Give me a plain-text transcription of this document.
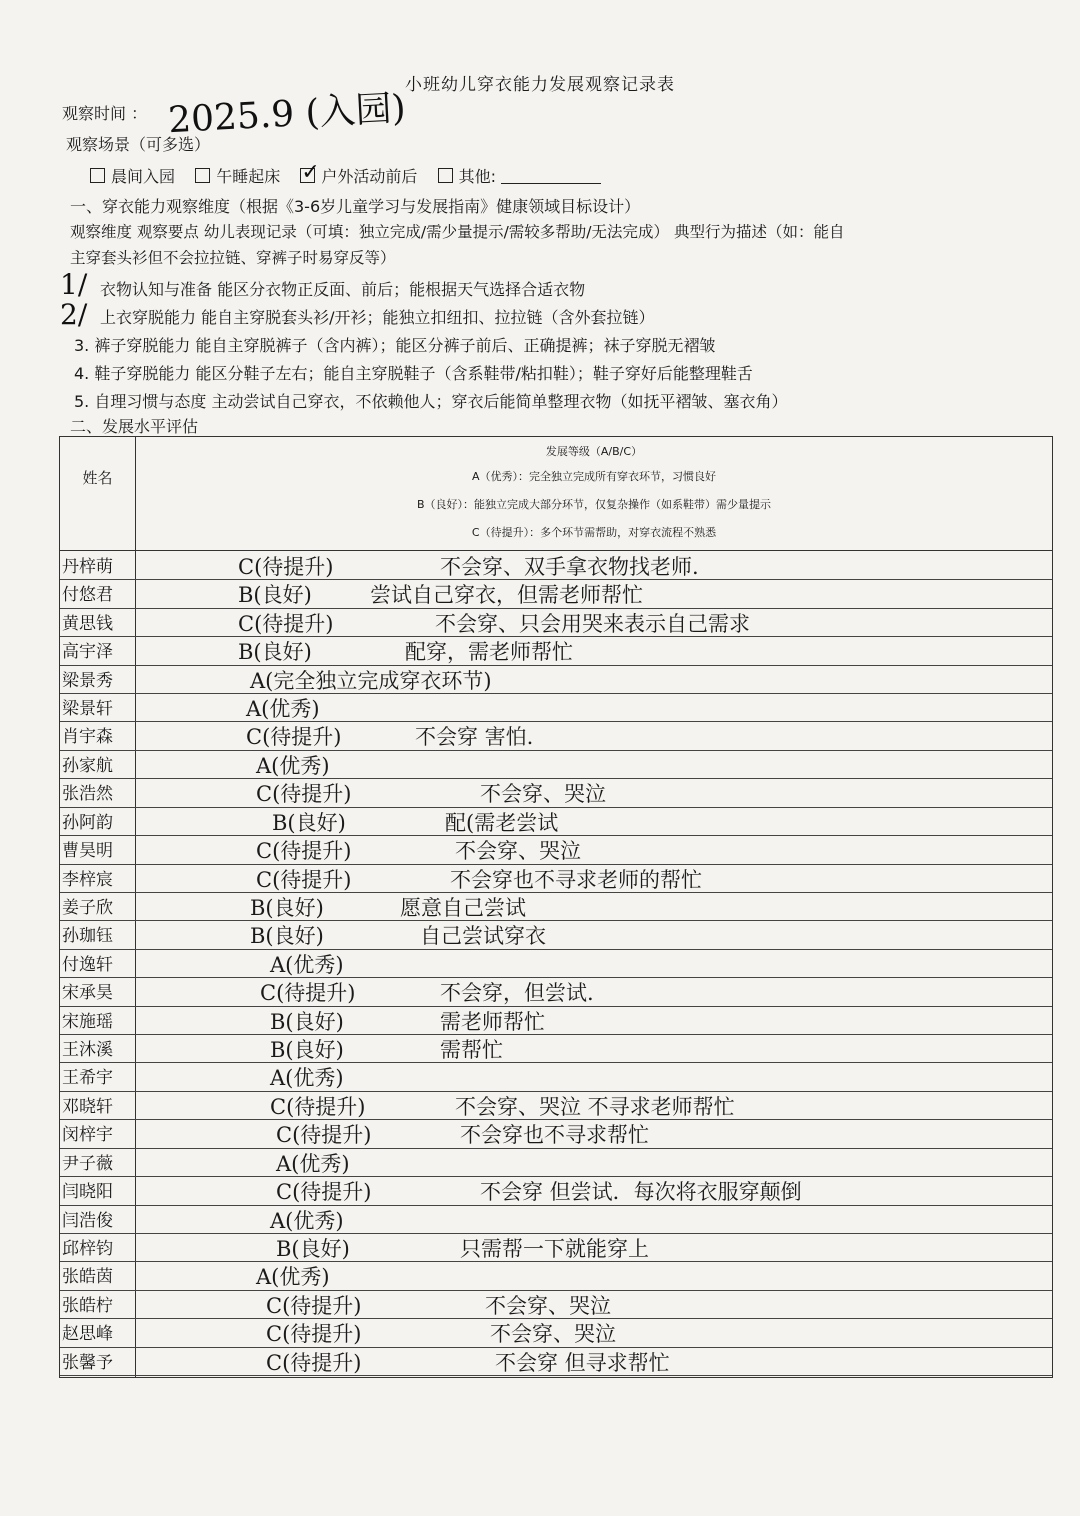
小班幼儿穿衣能力发展观察记录表
观察时间 ： 2025.9 (入园)
观察场景（可多选）
晨间入园	午睡起床  ✓	户外活动前后	其他:
一、穿衣能力观察维度（根据《3-6岁儿童学习与发展指南》健康领域目标设计）
观察维度 观察要点 幼儿表现记录（可填：独立完成/需少量提示/需较多帮助/无法完成） 典型行为描述（如：能自
主穿套头衫但不会拉拉链、穿裤子时易穿反等）
1/
2/
衣物认知与准备 能区分衣物正反面、前后；能根据天气选择合适衣物
上衣穿脱能力 能自主穿脱套头衫/开衫；能独立扣纽扣、拉拉链（含外套拉链）
3. 裤子穿脱能力 能自主穿脱裤子（含内裤）；能区分裤子前后、正确提裤；袜子穿脱无褶皱
4. 鞋子穿脱能力 能区分鞋子左右；能自主穿脱鞋子（含系鞋带/粘扣鞋）；鞋子穿好后能整理鞋舌
5. 自理习惯与态度 主动尝试自己穿衣，不依赖他人；穿衣后能简单整理衣物（如抚平褶皱、塞衣角）
二、发展水平评估
姓名
发展等级（A/B/C）
A（优秀）：完全独立完成所有穿衣环节，习惯良好
B（良好）：能独立完成大部分环节，仅复杂操作（如系鞋带）需少量提示
C（待提升）：多个环节需帮助，对穿衣流程不熟悉
丹梓萌	C(待提升)	不会穿、双手拿衣物找老师.
付悠君	B(良好)	尝试自己穿衣，但需老师帮忙
黄思钱	C(待提升)	不会穿、只会用哭来表示自己需求
高宇泽	B(良好)	配穿，需老师帮忙
梁景秀	A(完全独立完成穿衣环节)
梁景轩	A(优秀)
肖宇森	C(待提升)	不会穿 害怕.
孙家航	A(优秀)
张浩然	C(待提升)	不会穿、哭泣
孙阿韵	B(良好)	配(需老尝试
曹昊明	C(待提升)	不会穿、哭泣
李梓宸	C(待提升)	不会穿也不寻求老师的帮忙
姜子欣	B(良好)	愿意自己尝试
孙珈钰	B(良好)	自己尝试穿衣
付逸轩	A(优秀)
宋承昊	C(待提升)	不会穿，但尝试.
宋施瑶	B(良好)	需老师帮忙
王沐溪	B(良好)	需帮忙
王希宇	A(优秀)
邓晓轩	C(待提升)	不会穿、哭泣 不寻求老师帮忙
闵梓宇	C(待提升)	不会穿也不寻求帮忙
尹子薇	A(优秀)
闫晓阳	C(待提升)	不会穿 但尝试．每次将衣服穿颠倒
闫浩俊	A(优秀)
邱梓钧	B(良好)	只需帮一下就能穿上
张皓茵	A(优秀)
张皓柠	C(待提升)	不会穿、哭泣
赵思峰	C(待提升)	不会穿、哭泣
张馨予	C(待提升)	不会穿 但寻求帮忙
